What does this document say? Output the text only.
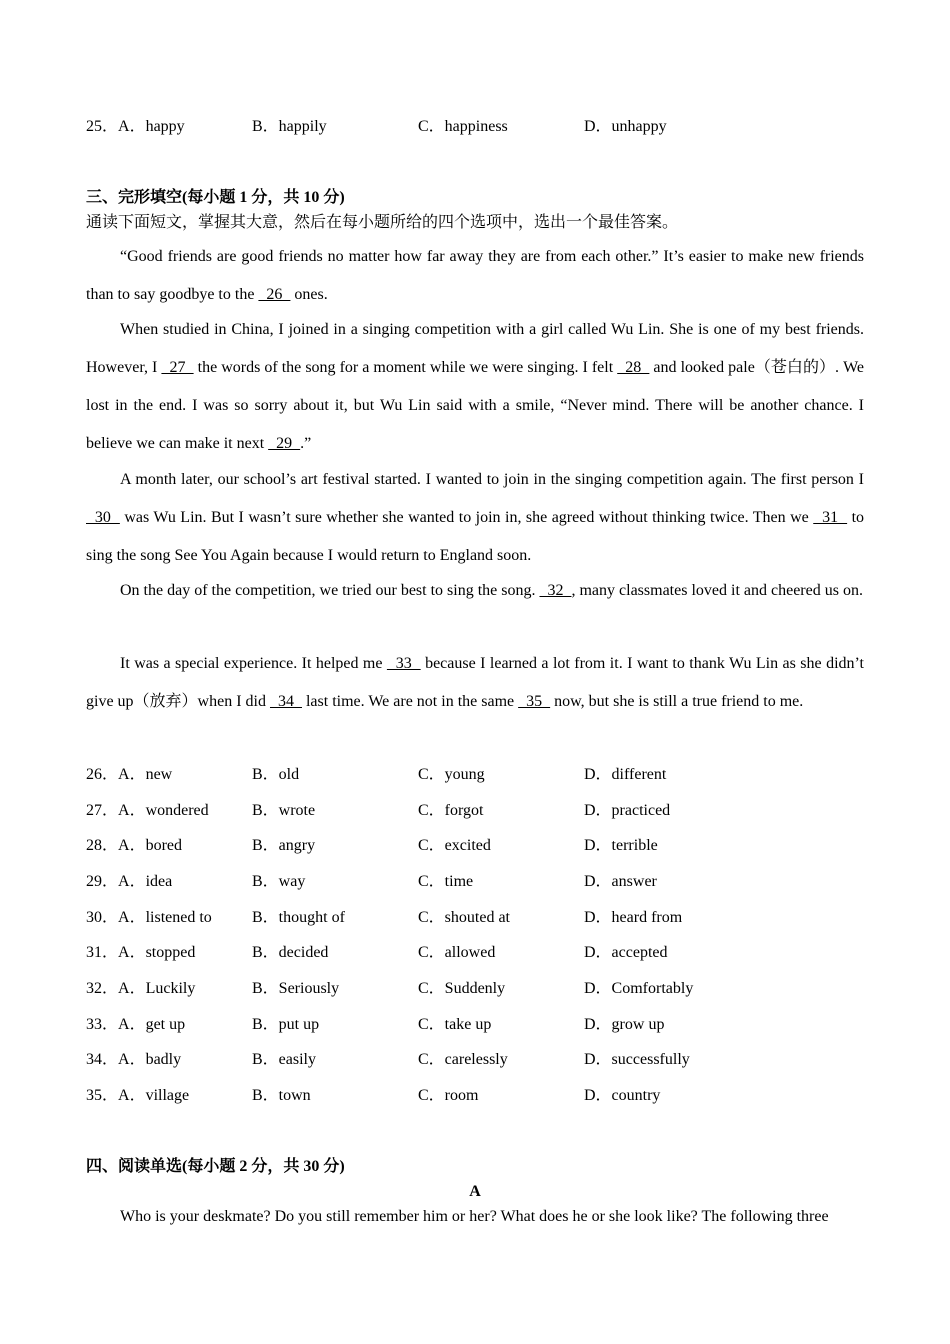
25．A．happy	B．happily	C．happiness	D．unhappy
三、完形填空(每小题 1 分，共 10 分)
通读下面短文，掌握其大意，然后在每小题所给的四个选项中，选出一个最佳答案。

“Good friends are good friends no matter how far away they are from each other.” It’s easier to make new friends than to say goodbye to the   26   ones.

When studied in China, I joined in a singing competition with a girl called Wu Lin. She is one of my best friends. However, I   27   the words of the song for a moment while we were singing. I felt   28   and looked pale（苍白的）. We lost in the end. I was so sorry about it, but Wu Lin said with a smile, “Never mind. There will be another chance. I believe we can make it next   29  .”

A month later, our school’s art festival started. I wanted to join in the singing competition again. The first person I   30   was Wu Lin. But I wasn’t sure whether she wanted to join in, she agreed without thinking twice. Then we   31   to sing the song See You Again because I would return to England soon.

On the day of the competition, we tried our best to sing the song.   32  , many classmates loved it and cheered us on.

It was a special experience. It helped me   33   because I learned a lot from it. I want to thank Wu Lin as she didn’t give up（放弃）when I did   34   last time. We are not in the same   35   now, but she is still a true friend to me.

26．A．new	B．old	C．young	D．different
27．A．wondered	B．wrote	C．forgot	D．practiced
28．A．bored	B．angry	C．excited	D．terrible
29．A．idea	B．way	C．time	D．answer
30．A．listened to	B．thought of	C．shouted at	D．heard from
31．A．stopped	B．decided	C．allowed	D．accepted
32．A．Luckily	B．Seriously	C．Suddenly	D．Comfortably
33．A．get up	B．put up	C．take up	D．grow up
34．A．badly	B．easily	C．carelessly	D．successfully
35．A．village	B．town	C．room	D．country
四、阅读单选(每小题 2 分，共 30 分)
A
Who is your deskmate? Do you still remember him or her? What does he or she look like? The following three
